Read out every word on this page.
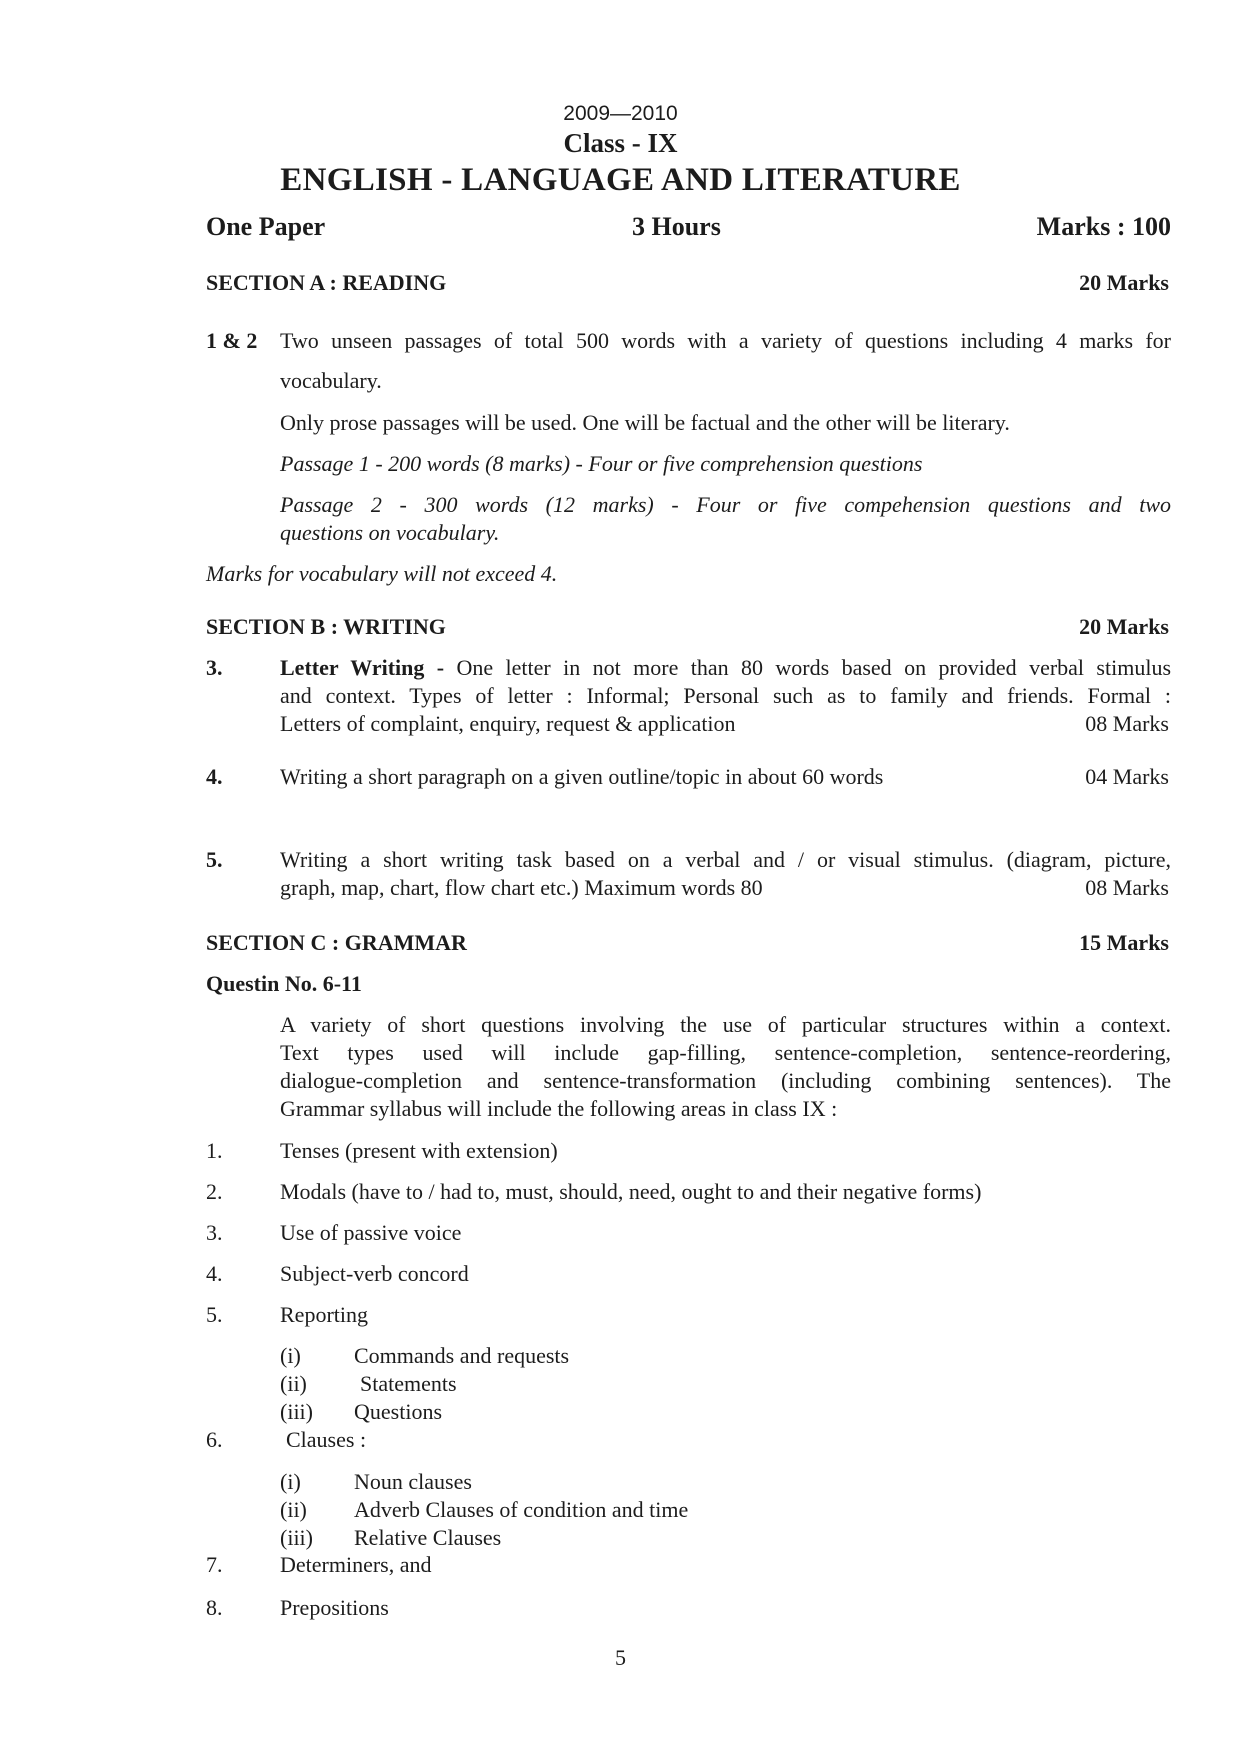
2009—2010
Class - IX
ENGLISH - LANGUAGE AND LITERATURE
One Paper	3 Hours	Marks : 100
SECTION A : READING	20 Marks
1 & 2 Two unseen passages of total 500 words with a variety of questions including 4 marks for
vocabulary.
Only prose passages will be used. One will be factual and the other will be literary.
Passage 1 - 200 words (8 marks) - Four or five comprehension questions
Passage 2 - 300 words (12 marks) - Four or five compehension questions and two
questions on vocabulary.
Marks for vocabulary will not exceed 4.
SECTION B : WRITING	20 Marks
3.	Letter Writing - One letter in not more than 80 words based on provided verbal stimulus
and context. Types of letter : Informal; Personal such as to family and friends. Formal :
Letters of complaint, enquiry, request & application	08 Marks
4.	Writing a short paragraph on a given outline/topic in about 60 words	04 Marks
5.	Writing a short writing task based on a verbal and / or visual stimulus. (diagram, picture,
graph, map, chart, flow chart etc.) Maximum words 80	08 Marks
SECTION C : GRAMMAR	15 Marks
Questin No. 6-11
A variety of short questions involving the use of particular structures within a context.
Text types used will include gap-filling, sentence-completion, sentence-reordering,
dialogue-completion and sentence-transformation (including combining sentences). The
Grammar syllabus will include the following areas in class IX :
1.	Tenses (present with extension)
2.	Modals (have to / had to, must, should, need, ought to and their negative forms)
3.	Use of passive voice
4.	Subject-verb concord
5.	Reporting
(i) Commands and requests
(ii) Statements
(iii) Questions
6.	Clauses :
(i) Noun clauses
(ii) Adverb Clauses of condition and time
(iii) Relative Clauses
7.	Determiners, and
8.	Prepositions
5
